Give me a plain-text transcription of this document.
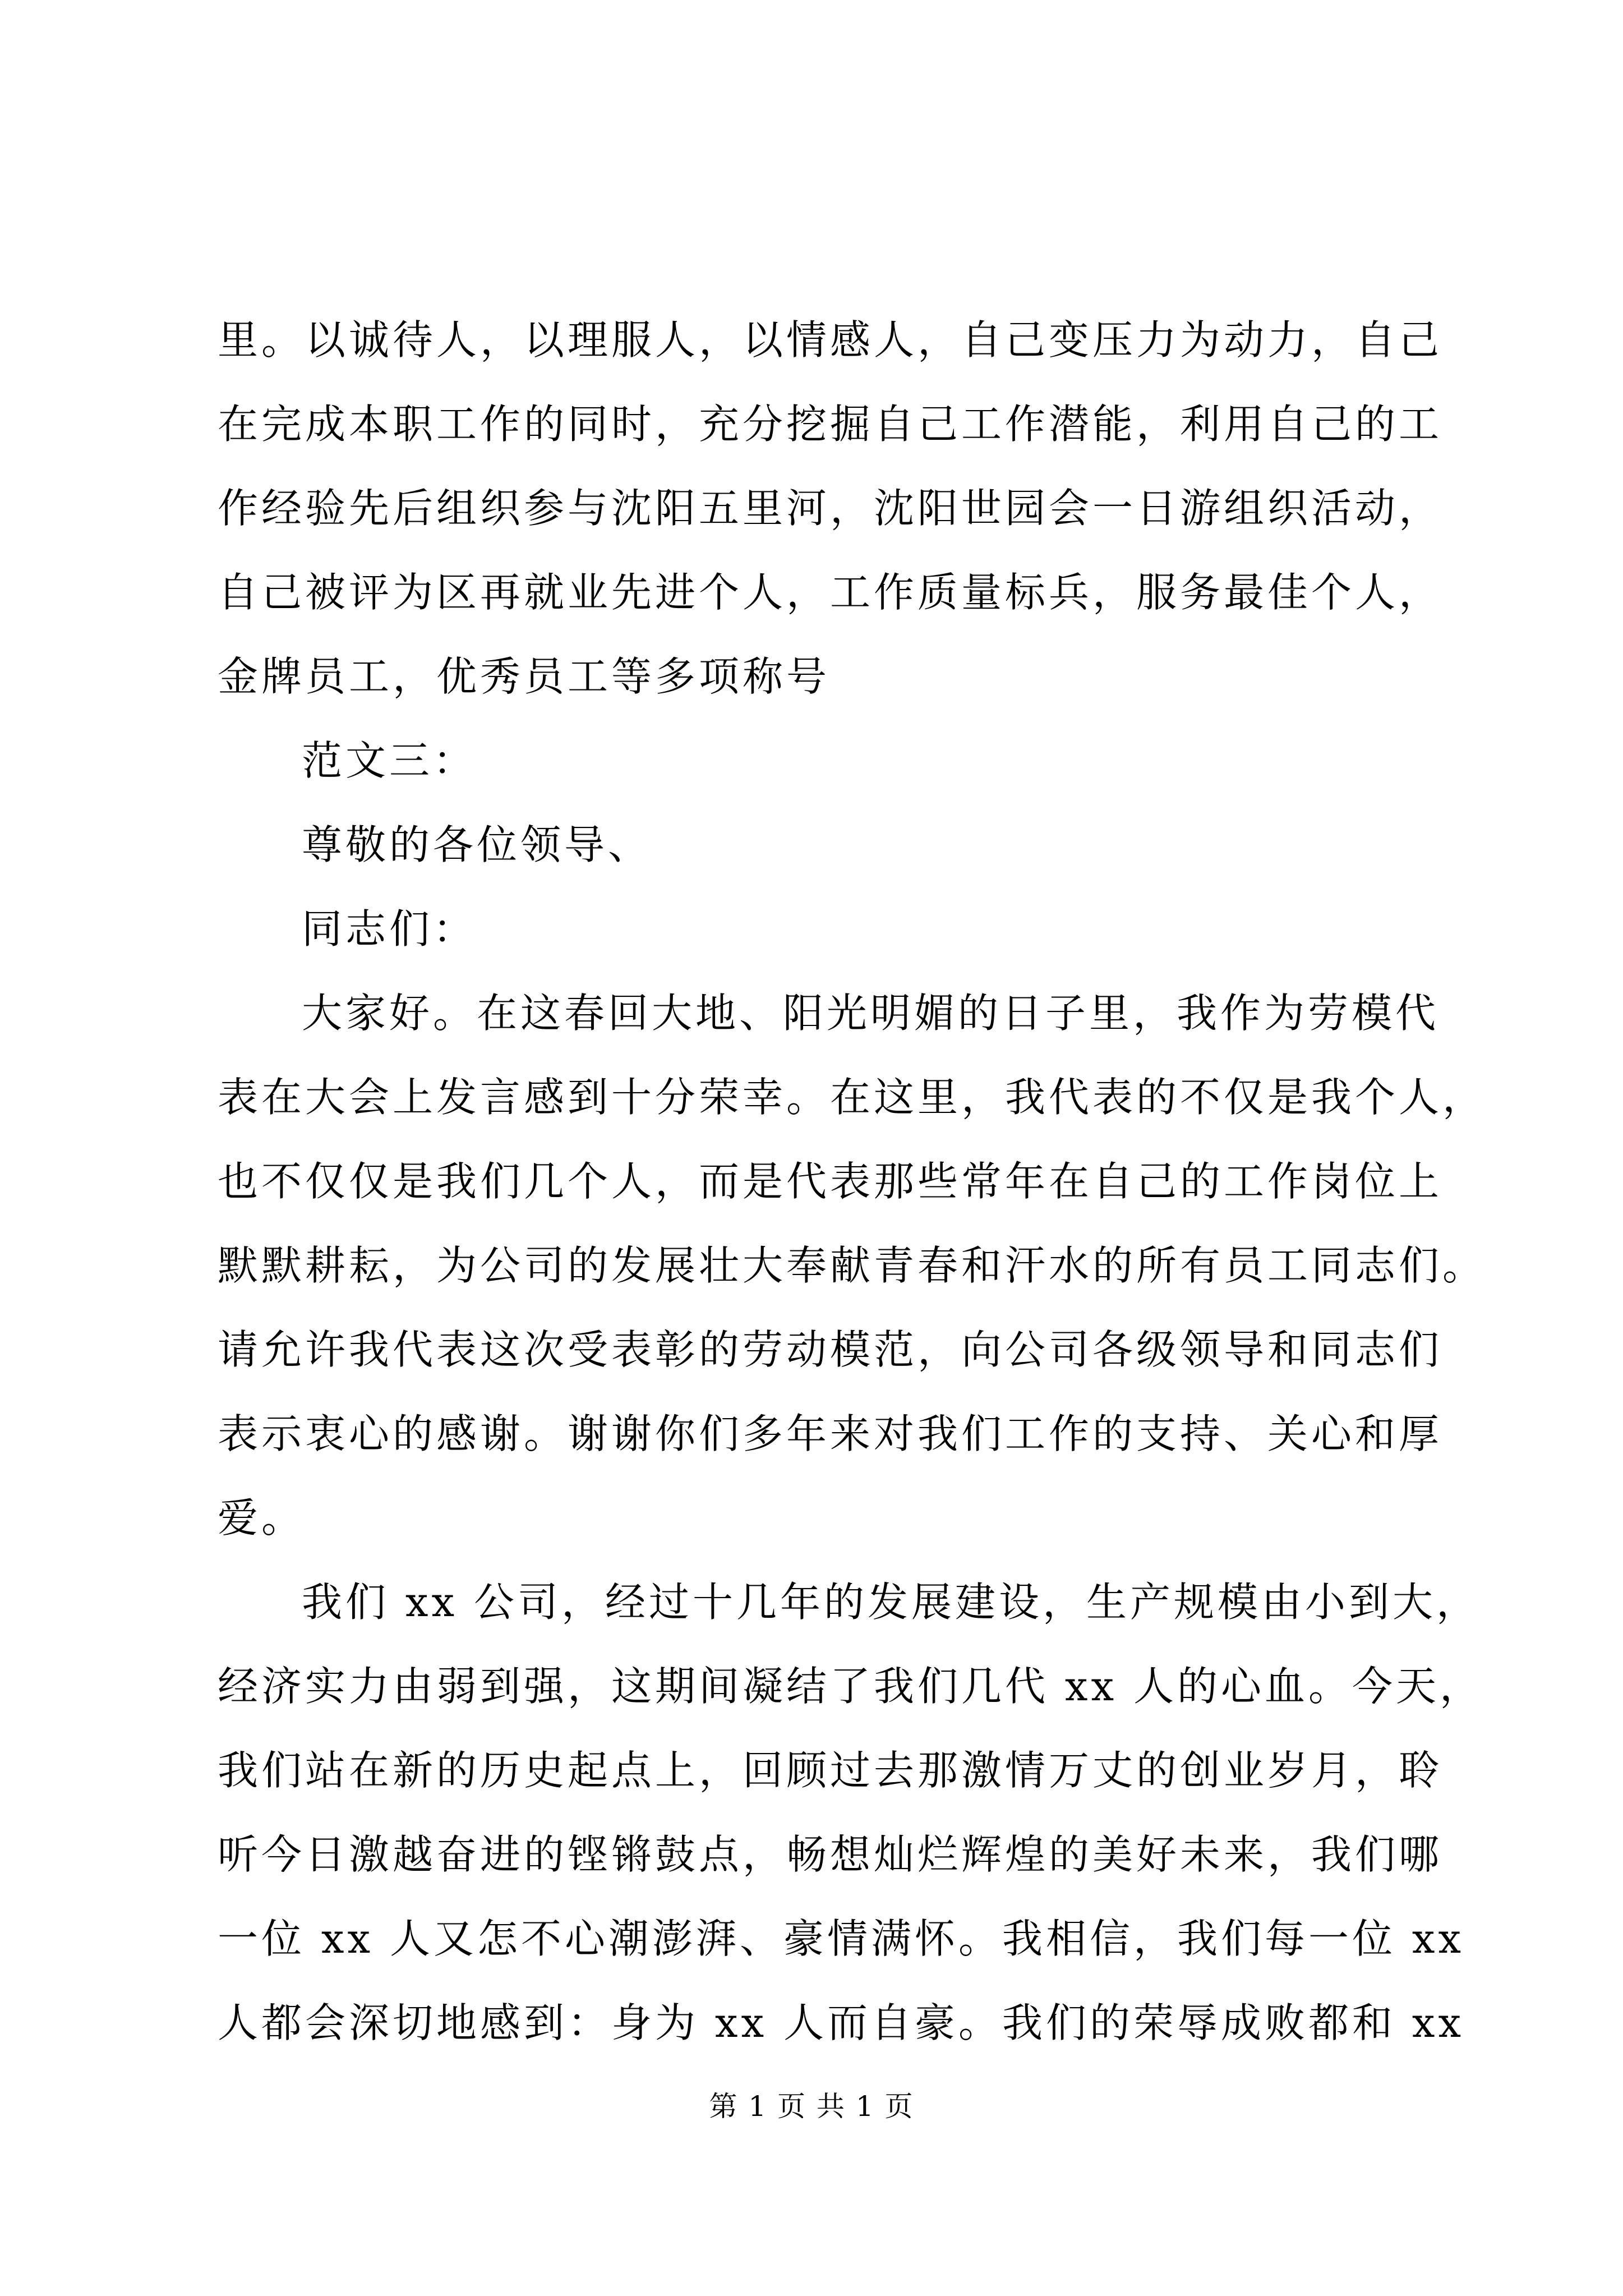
里。以诚待人，以理服人，以情感人，自己变压力为动力，自己
在完成本职工作的同时，充分挖掘自己工作潜能，利用自己的工
作经验先后组织参与沈阳五里河，沈阳世园会一日游组织活动，
自己被评为区再就业先进个人，工作质量标兵，服务最佳个人，
金牌员工，优秀员工等多项称号
范文三：
尊敬的各位领导、
同志们：
大家好。在这春回大地、阳光明媚的日子里，我作为劳模代
表在大会上发言感到十分荣幸。在这里，我代表的不仅是我个人，
也不仅仅是我们几个人，而是代表那些常年在自己的工作岗位上
默默耕耘，为公司的发展壮大奉献青春和汗水的所有员工同志们。
请允许我代表这次受表彰的劳动模范，向公司各级领导和同志们
表示衷心的感谢。谢谢你们多年来对我们工作的支持、关心和厚
爱。
我们 xx 公司，经过十几年的发展建设，生产规模由小到大，
经济实力由弱到强，这期间凝结了我们几代 xx 人的心血。今天，
我们站在新的历史起点上，回顾过去那激情万丈的创业岁月，聆
听今日激越奋进的铿锵鼓点，畅想灿烂辉煌的美好未来，我们哪
一位 xx 人又怎不心潮澎湃、豪情满怀。我相信，我们每一位 xx
人都会深切地感到：身为 xx 人而自豪。我们的荣辱成败都和 xx
第 1 页 共 1 页
